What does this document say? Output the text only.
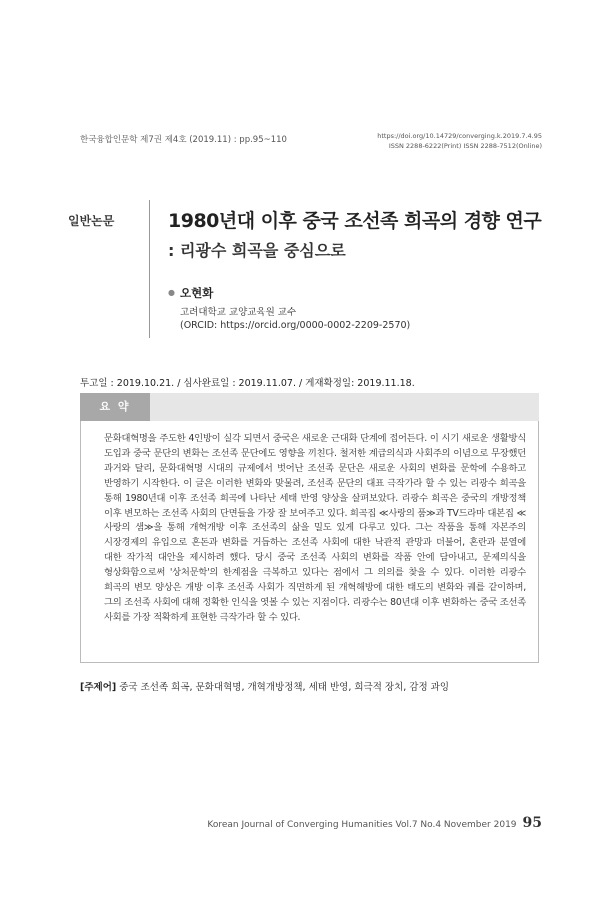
한국융합인문학 제7권 제4호 (2019.11) : pp.95~110	https://doi.org/10.14729/converging.k.2019.7.4.95
ISSN 2288-6222(Print) ISSN 2288-7512(Online)
일반논문	1980년대 이후 중국 조선족 희곡의 경향 연구
: 리광수 희곡을 중심으로
● 오현화
고려대학교 교양교육원 교수
(ORCID: https://orcid.org/0000-0002-2209-2570)
투고일 : 2019.10.21. / 심사완료일 : 2019.11.07. / 게재확정일: 2019.11.18.
요 약
문화대혁명을 주도한 4인방이 실각 되면서 중국은 새로운 근대화 단계에 접어든다. 이 시기 새로운 생활방식 도입과 중국 문단의 변화는 조선족 문단에도 영향을 끼친다. 철저한 계급의식과 사회주의 이념으로 무장했던 과거와 달리, 문화대혁명 시대의 규제에서 벗어난 조선족 문단은 새로운 사회의 변화를 문학에 수용하고 반영하기 시작한다. 이 글은 이러한 변화와 맞물려, 조선족 문단의 대표 극작가라 할 수 있는 리광수 희곡을 통해 1980년대 이후 조선족 희곡에 나타난 세태 반영 양상을 살펴보았다. 리광수 희곡은 중국의 개방정책 이후 변모하는 조선족 사회의 단면들을 가장 잘 보여주고 있다. 희곡집 ≪사랑의 품≫과 TV드라마 대본집 ≪사랑의 샘≫을 통해 개혁개방 이후 조선족의 삶을 밀도 있게 다루고 있다. 그는 작품을 통해 자본주의 시장경제의 유입으로 혼돈과 변화를 거듭하는 조선족 사회에 대한 낙관적 관망과 더불어, 혼란과 분열에 대한 작가적 대안을 제시하려 했다. 당시 중국 조선족 사회의 변화를 작품 안에 담아내고, 문제의식을 형상화함으로써 '상처문학'의 한계점을 극복하고 있다는 점에서 그 의의를 찾을 수 있다. 이러한 리광수 희곡의 변모 양상은 개방 이후 조선족 사회가 직면하게 된 개혁해방에 대한 태도의 변화와 궤를 같이하며, 그의 조선족 사회에 대해 정확한 인식을 엿볼 수 있는 지점이다. 리광수는 80년대 이후 변화하는 중국 조선족 사회를 가장 적확하게 표현한 극작가라 할 수 있다.
[주제어] 중국 조선족 희곡, 문화대혁명, 개혁개방정책, 세태 반영, 희극적 장치, 감정 과잉
Korean Journal of Converging Humanities Vol.7 No.4 November 2019 95
